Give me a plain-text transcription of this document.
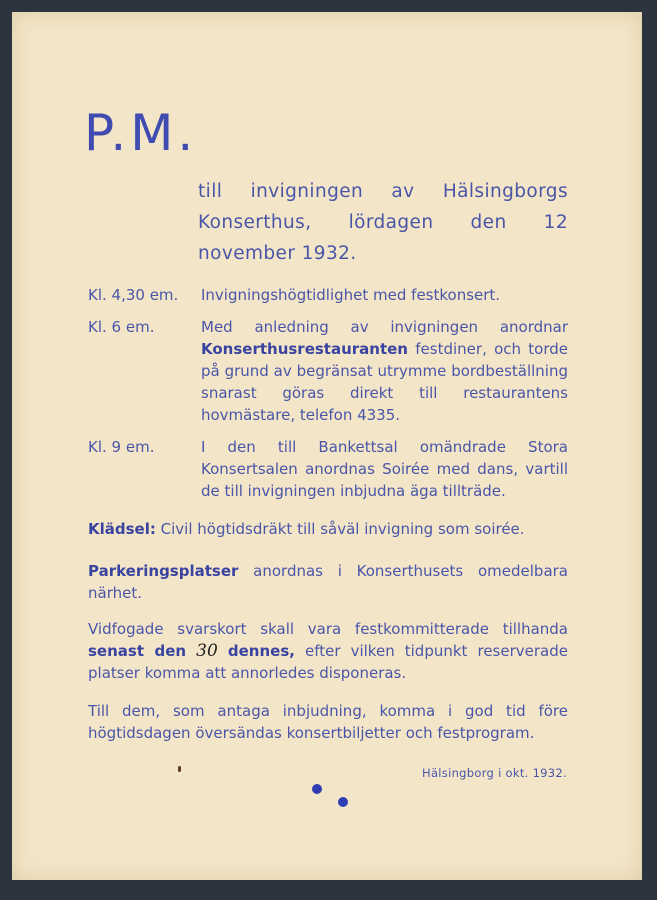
P.M.
till invigningen av Hälsingborgs Konserthus, lördagen den 12 november 1932.
Kl. 4,30 em.	Invigningshögtidlighet med festkonsert.
Kl. 6 em.	Med anledning av invigningen anordnar Konserthusrestauranten festdiner, och torde på grund av begränsat utrymme bordbeställning snarast göras direkt till restaurantens hovmästare, telefon 4335.
Kl. 9 em.	I den till Bankettsal omändrade Stora Konsertsalen anordnas Soirée med dans, vartill de till invigningen inbjudna äga tillträde.
Klädsel: Civil högtidsdräkt till såväl invigning som soirée.
Parkeringsplatser anordnas i Konserthusets omedelbara närhet.
Vidfogade svarskort skall vara festkommitterade tillhanda senast den 30 dennes, efter vilken tidpunkt reserverade platser komma att annorledes disponeras.
Till dem, som antaga inbjudning, komma i god tid före högtidsdagen översändas konsertbiljetter och festprogram.
Hälsingborg i okt. 1932.
